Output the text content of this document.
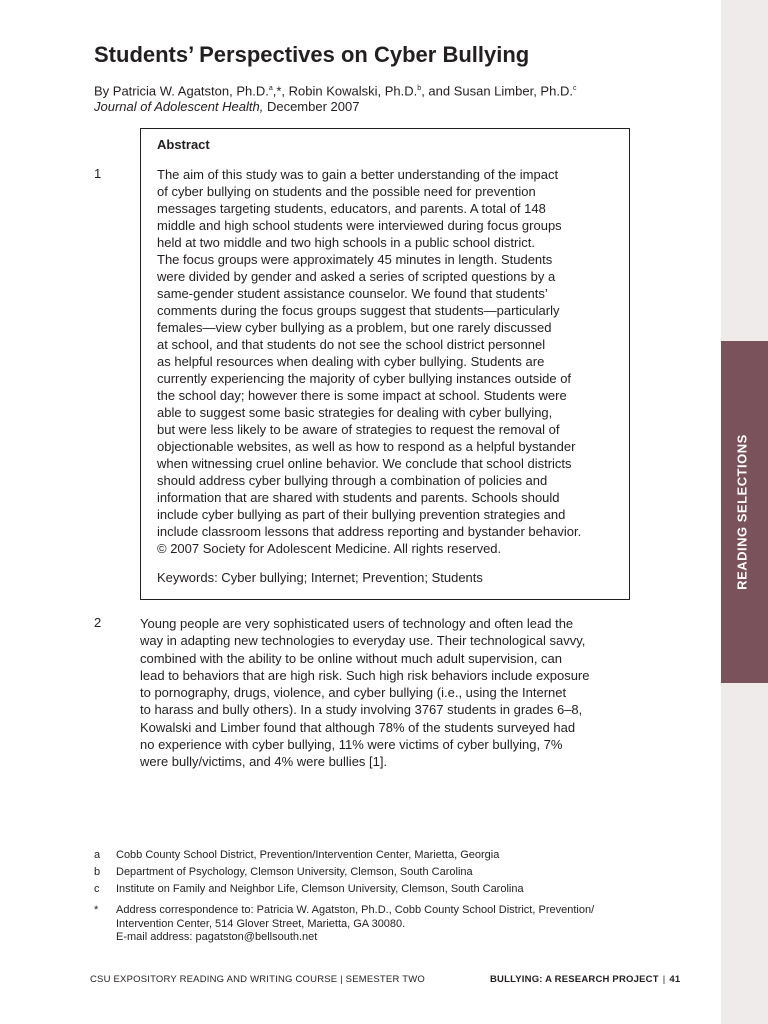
READING SELECTIONS
Students’ Perspectives on Cyber Bullying
By Patricia W. Agatston, Ph.D.$^a$,*, Robin Kowalski, Ph.D.$^b$, and Susan Limber, Ph.D.$^c$
Journal of Adolescent Health, December 2007
Abstract
1	The aim of this study was to gain a better understanding of the impact
of cyber bullying on students and the possible need for prevention
messages targeting students, educators, and parents. A total of 148
middle and high school students were interviewed during focus groups
held at two middle and two high schools in a public school district.
The focus groups were approximately 45 minutes in length. Students
were divided by gender and asked a series of scripted questions by a
same-gender student assistance counselor. We found that students’
comments during the focus groups suggest that students—particularly
females—view cyber bullying as a problem, but one rarely discussed
at school, and that students do not see the school district personnel
as helpful resources when dealing with cyber bullying. Students are
currently experiencing the majority of cyber bullying instances outside of
the school day; however there is some impact at school. Students were
able to suggest some basic strategies for dealing with cyber bullying,
but were less likely to be aware of strategies to request the removal of
objectionable websites, as well as how to respond as a helpful bystander
when witnessing cruel online behavior. We conclude that school districts
should address cyber bullying through a combination of policies and
information that are shared with students and parents. Schools should
include cyber bullying as part of their bullying prevention strategies and
include classroom lessons that address reporting and bystander behavior.
© 2007 Society for Adolescent Medicine. All rights reserved.
Keywords: Cyber bullying; Internet; Prevention; Students
2	Young people are very sophisticated users of technology and often lead the
way in adapting new technologies to everyday use. Their technological savvy,
combined with the ability to be online without much adult supervision, can
lead to behaviors that are high risk. Such high risk behaviors include exposure
to pornography, drugs, violence, and cyber bullying (i.e., using the Internet
to harass and bully others). In a study involving 3767 students in grades 6–8,
Kowalski and Limber found that although 78% of the students surveyed had
no experience with cyber bullying, 11% were victims of cyber bullying, 7%
were bully/victims, and 4% were bullies [1].
a Cobb County School District, Prevention/Intervention Center, Marietta, Georgia
b Department of Psychology, Clemson University, Clemson, South Carolina
c Institute on Family and Neighbor Life, Clemson University, Clemson, South Carolina
* Address correspondence to: Patricia W. Agatston, Ph.D., Cobb County School District, Prevention/
Intervention Center, 514 Glover Street, Marietta, GA 30080.
E-mail address: pagatston@bellsouth.net
CSU EXPOSITORY READING AND WRITING COURSE | SEMESTER TWO	BULLYING: A RESEARCH PROJECT | 41
